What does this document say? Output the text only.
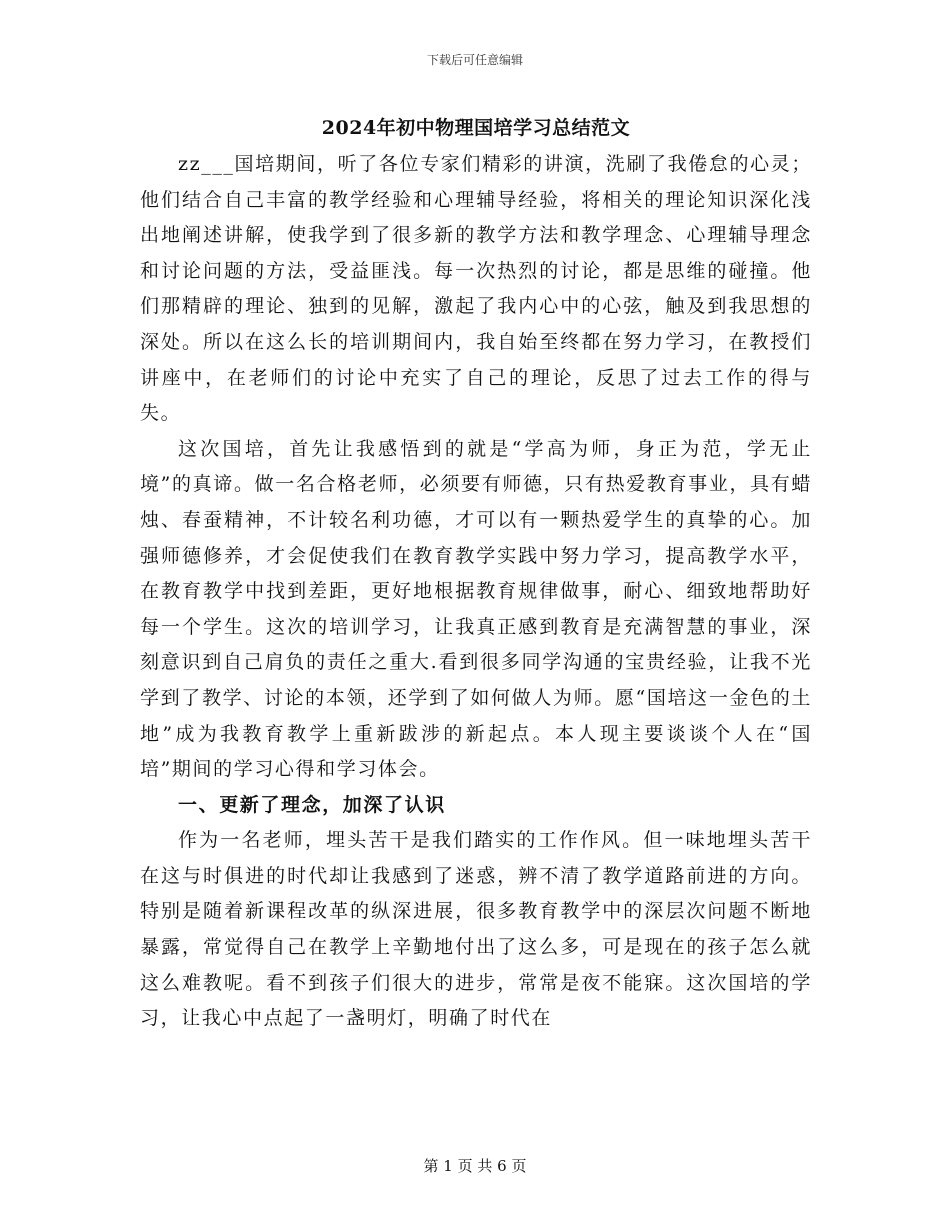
下载后可任意编辑
2024年初中物理国培学习总结范文

zz___国培期间，听了各位专家们精彩的讲演，洗刷了我倦怠的心灵；他们结合自己丰富的教学经验和心理辅导经验，将相关的理论知识深化浅出地阐述讲解，使我学到了很多新的教学方法和教学理念、心理辅导理念和讨论问题的方法，受益匪浅。每一次热烈的讨论，都是思维的碰撞。他们那精辟的理论、独到的见解，激起了我内心中的心弦，触及到我思想的深处。所以在这么长的培训期间内，我自始至终都在努力学习，在教授们讲座中，在老师们的讨论中充实了自己的理论，反思了过去工作的得与失。

这次国培，首先让我感悟到的就是“学高为师，身正为范，学无止境”的真谛。做一名合格老师，必须要有师德，只有热爱教育事业，具有蜡烛、春蚕精神，不计较名利功德，才可以有一颗热爱学生的真挚的心。加强师德修养，才会促使我们在教育教学实践中努力学习，提高教学水平，在教育教学中找到差距，更好地根据教育规律做事，耐心、细致地帮助好每一个学生。这次的培训学习，让我真正感到教育是充满智慧的事业，深刻意识到自己肩负的责任之重大.看到很多同学沟通的宝贵经验，让我不光学到了教学、讨论的本领，还学到了如何做人为师。愿“国培这一金色的土地”成为我教育教学上重新跋涉的新起点。本人现主要谈谈个人在“国培”期间的学习心得和学习体会。

一、更新了理念，加深了认识

作为一名老师，埋头苦干是我们踏实的工作作风。但一味地埋头苦干在这与时俱进的时代却让我感到了迷惑，辨不清了教学道路前进的方向。特别是随着新课程改革的纵深进展，很多教育教学中的深层次问题不断地暴露，常觉得自己在教学上辛勤地付出了这么多，可是现在的孩子怎么就这么难教呢。看不到孩子们很大的进步，常常是夜不能寐。这次国培的学习，让我心中点起了一盏明灯，明确了时代在

第 1 页 共 6 页
